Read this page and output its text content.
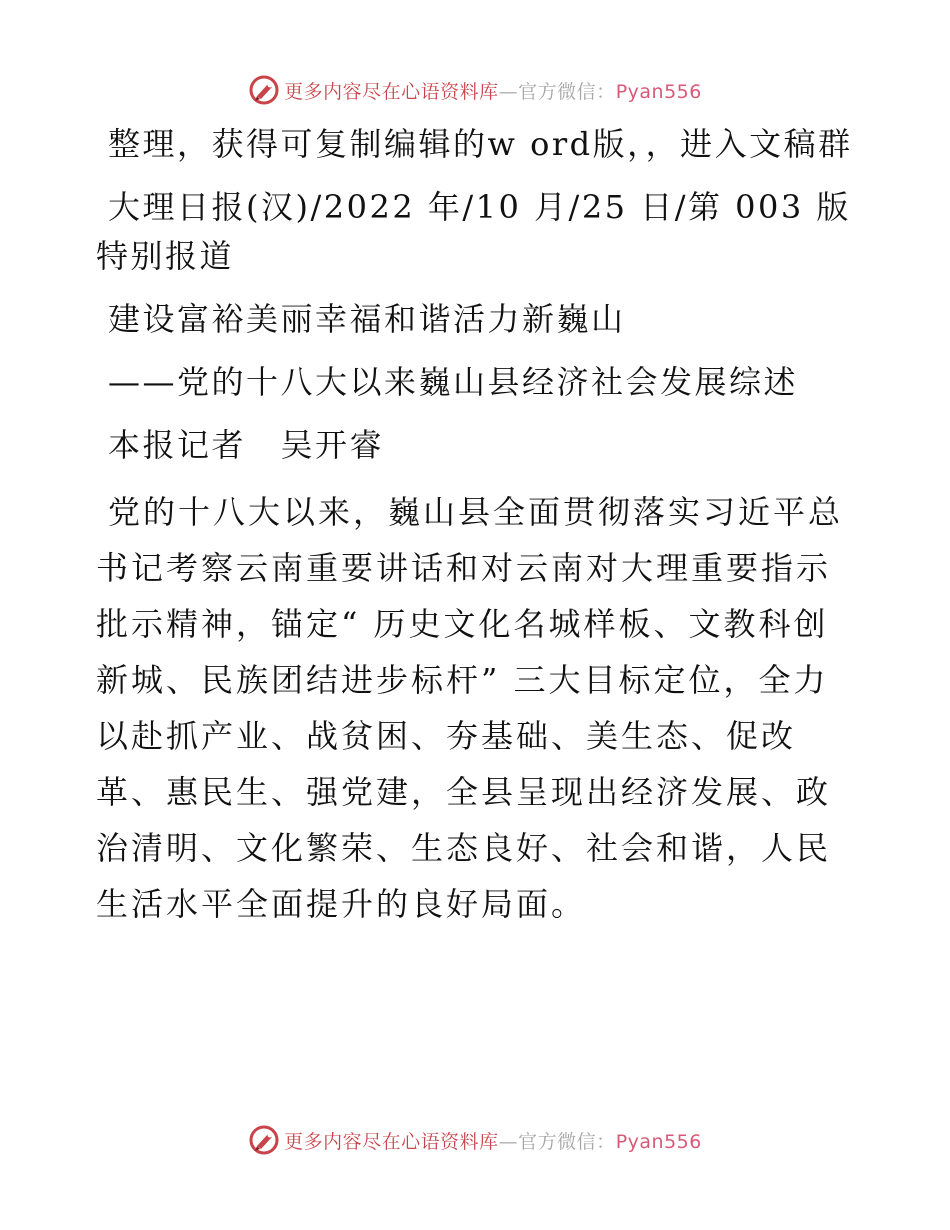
更多内容尽在心语资料库—官方微信：Pyan556

整理，获得可复制编辑的w ord版，，进入文稿群

大理日报(汉)/2022 年/10 月/25 日/第 003 版特别报道

建设富裕美丽幸福和谐活力新巍山

——党的十八大以来巍山县经济社会发展综述

本报记者　吴开睿

党的十八大以来，巍山县全面贯彻落实习近平总书记考察云南重要讲话和对云南对大理重要指示批示精神，锚定“ 历史文化名城样板、文教科创新城、民族团结进步标杆” 三大目标定位，全力以赴抓产业、战贫困、夯基础、美生态、促改革、惠民生、强党建，全县呈现出经济发展、政治清明、文化繁荣、生态良好、社会和谐，人民生活水平全面提升的良好局面。

更多内容尽在心语资料库—官方微信：Pyan556
